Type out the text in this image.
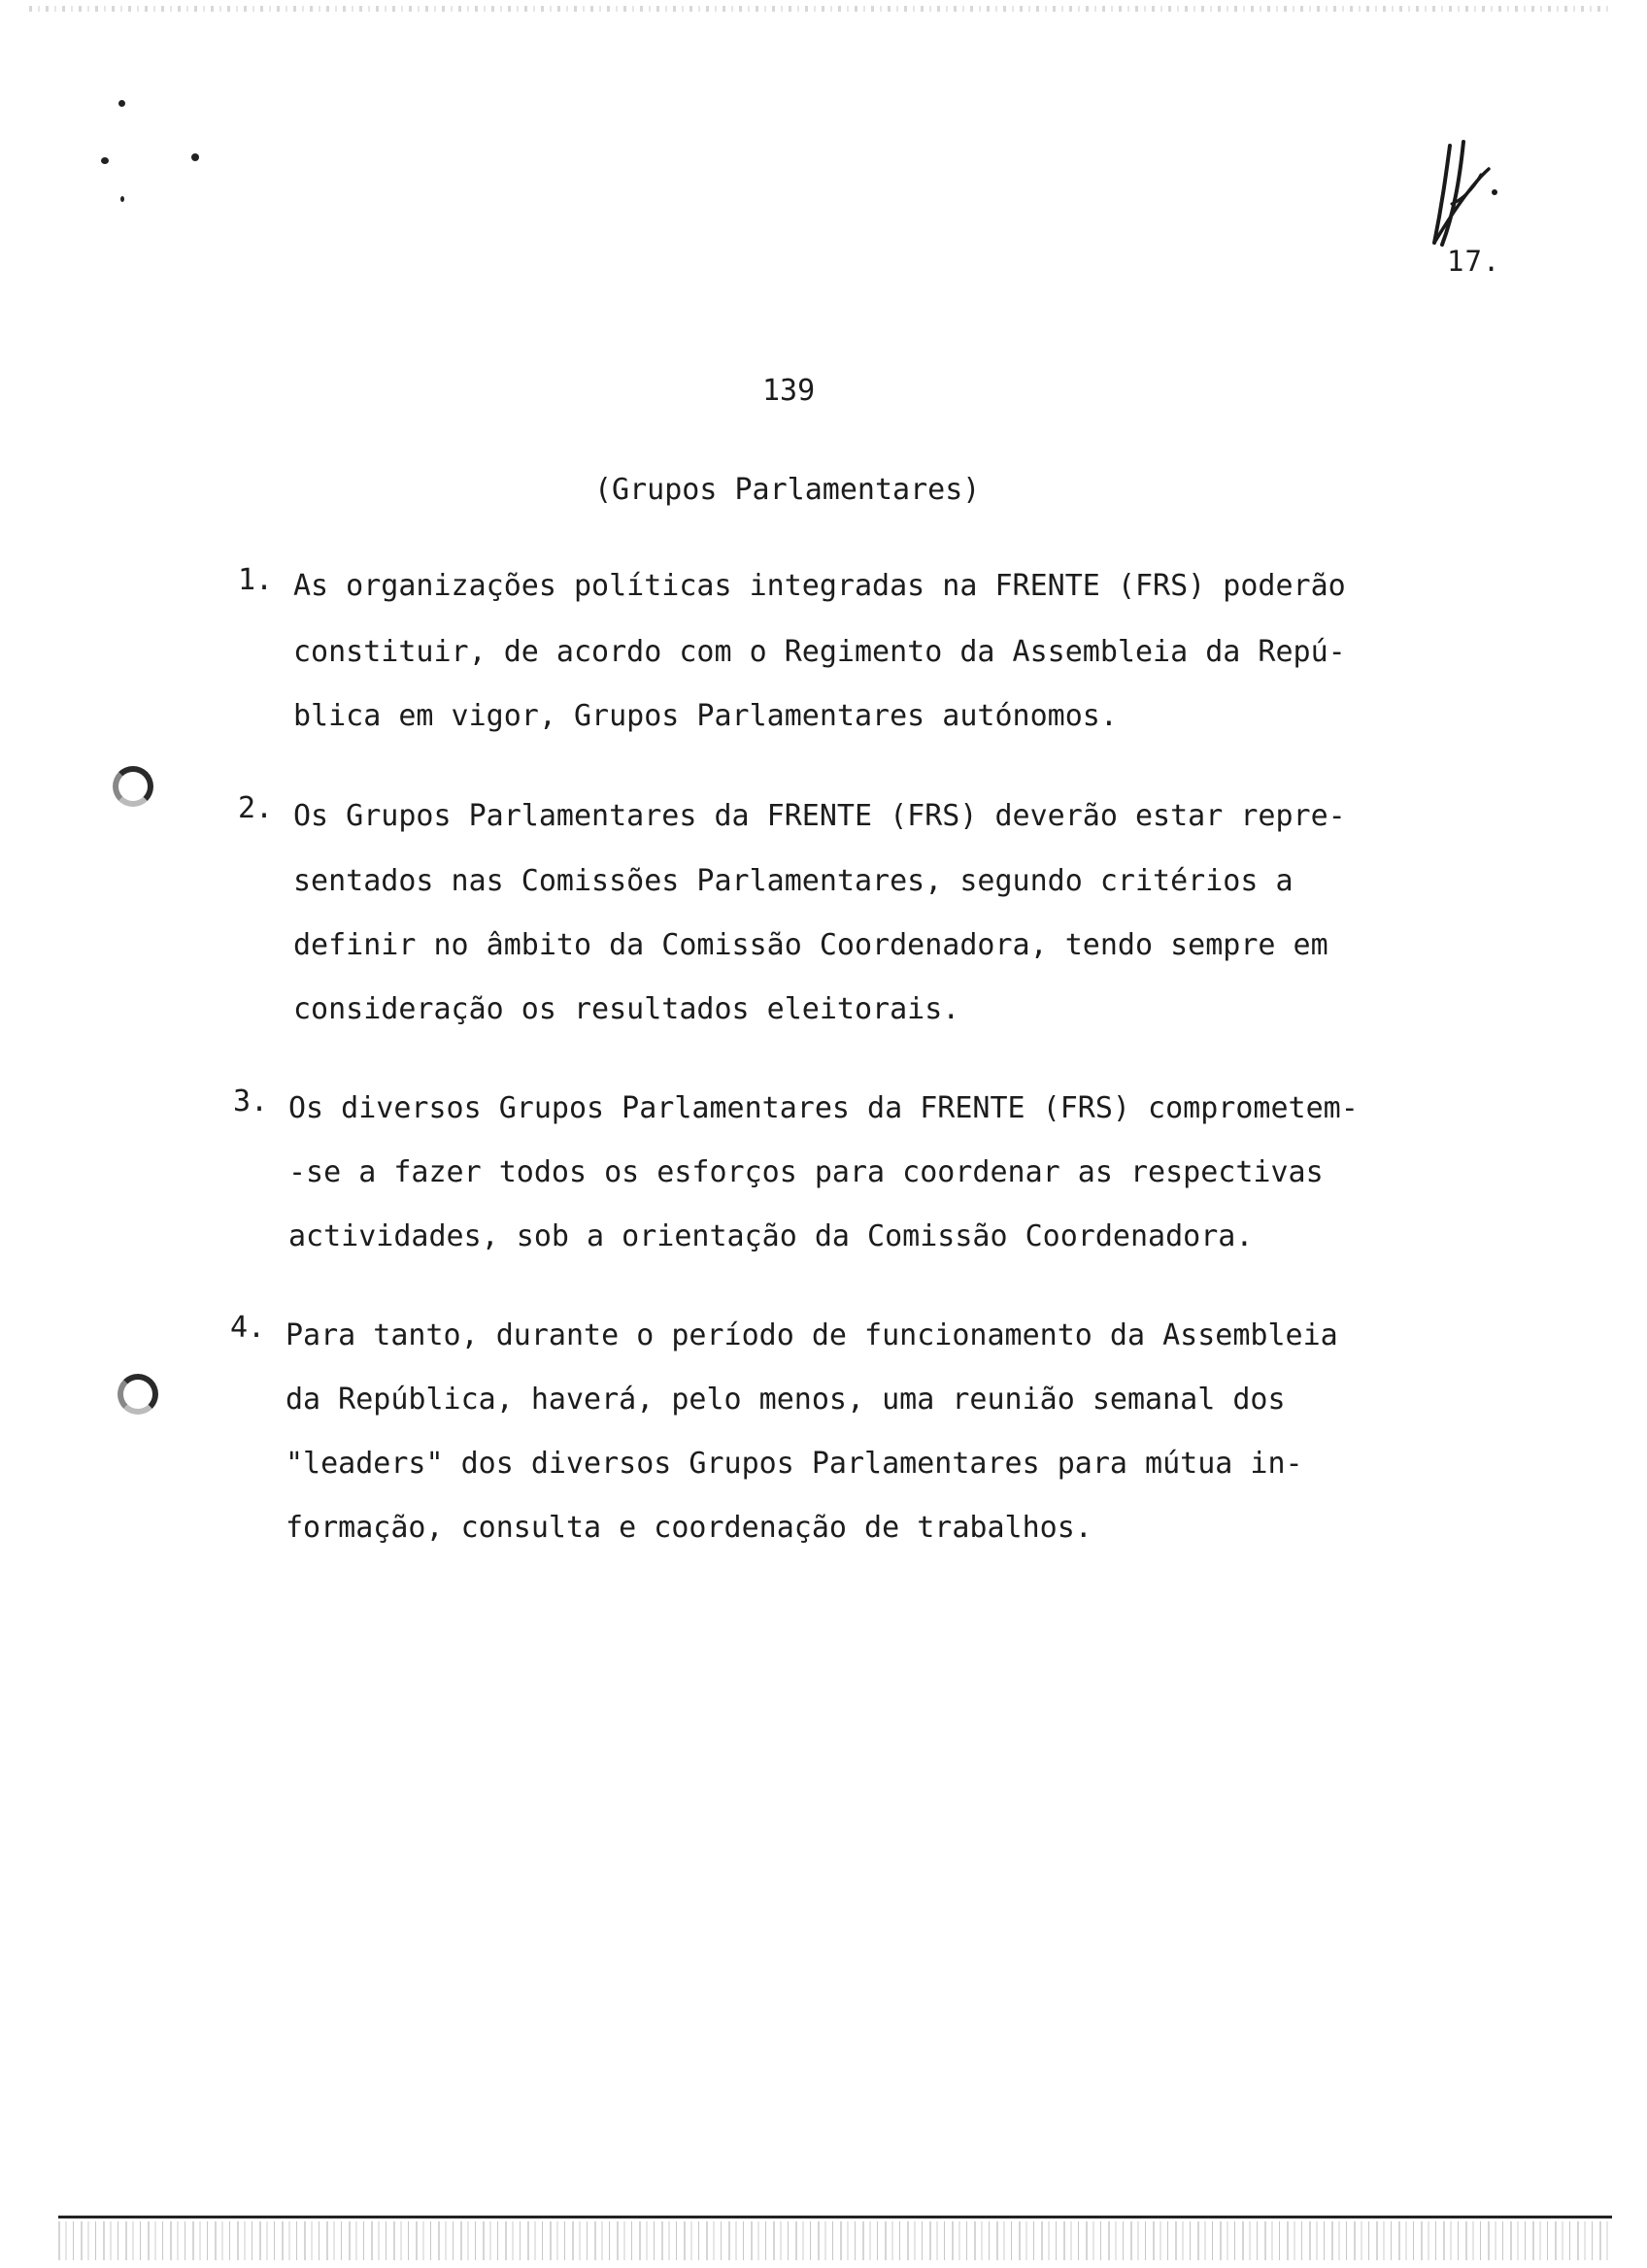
17.
139
(Grupos Parlamentares)
1. As organizações políticas integradas na FRENTE (FRS) poderão
constituir, de acordo com o Regimento da Assembleia da Repú-
blica em vigor, Grupos Parlamentares autónomos.
2. Os Grupos Parlamentares da FRENTE (FRS) deverão estar repre-
sentados nas Comissões Parlamentares, segundo critérios a
definir no âmbito da Comissão Coordenadora, tendo sempre em
consideração os resultados eleitorais.
3. Os diversos Grupos Parlamentares da FRENTE (FRS) comprometem-
-se a fazer todos os esforços para coordenar as respectivas
actividades, sob a orientação da Comissão Coordenadora.
4. Para tanto, durante o período de funcionamento da Assembleia
da República, haverá, pelo menos, uma reunião semanal dos
"leaders" dos diversos Grupos Parlamentares para mútua in-
formação, consulta e coordenação de trabalhos.
